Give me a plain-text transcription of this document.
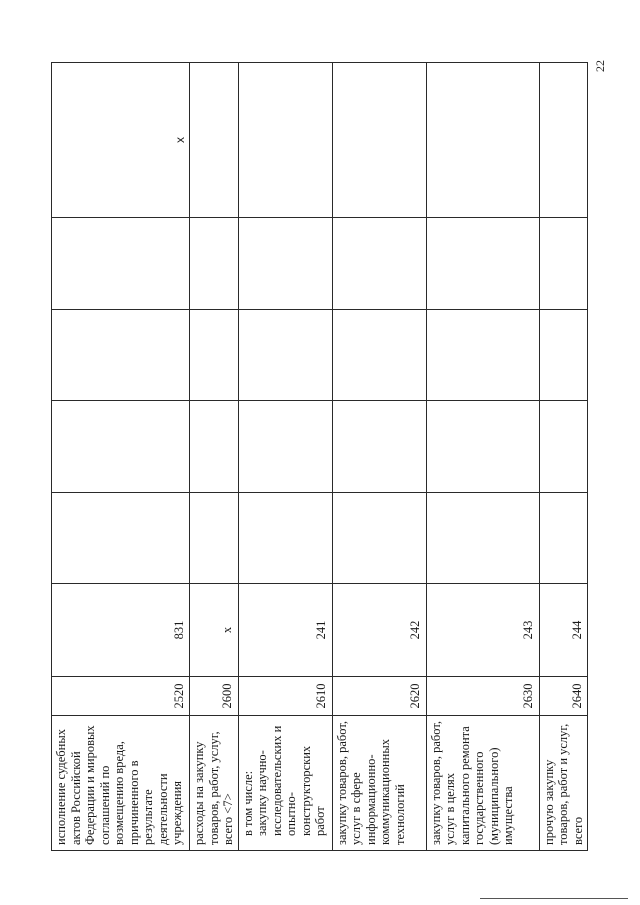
22
исполнение судебных актов Российской Федерации и мировых соглашений по возмещению вреда, причиненного в результате деятельности учреждения	2520	831					x
расходы на закупку товаров, работ, услуг, всего <7>	2600	x					

в том числе: закупку научно-исследовательских и опытно-конструкторских работ	2610	241					
закупку товаров, работ, услуг в сфере информационно-коммуникационных технологий	2620	242					
закупку товаров, работ, услуг в целях капитального ремонта государственного (муниципального) имущества	2630	243					
прочую закупку товаров, работ и услуг, всего	2640	244					
